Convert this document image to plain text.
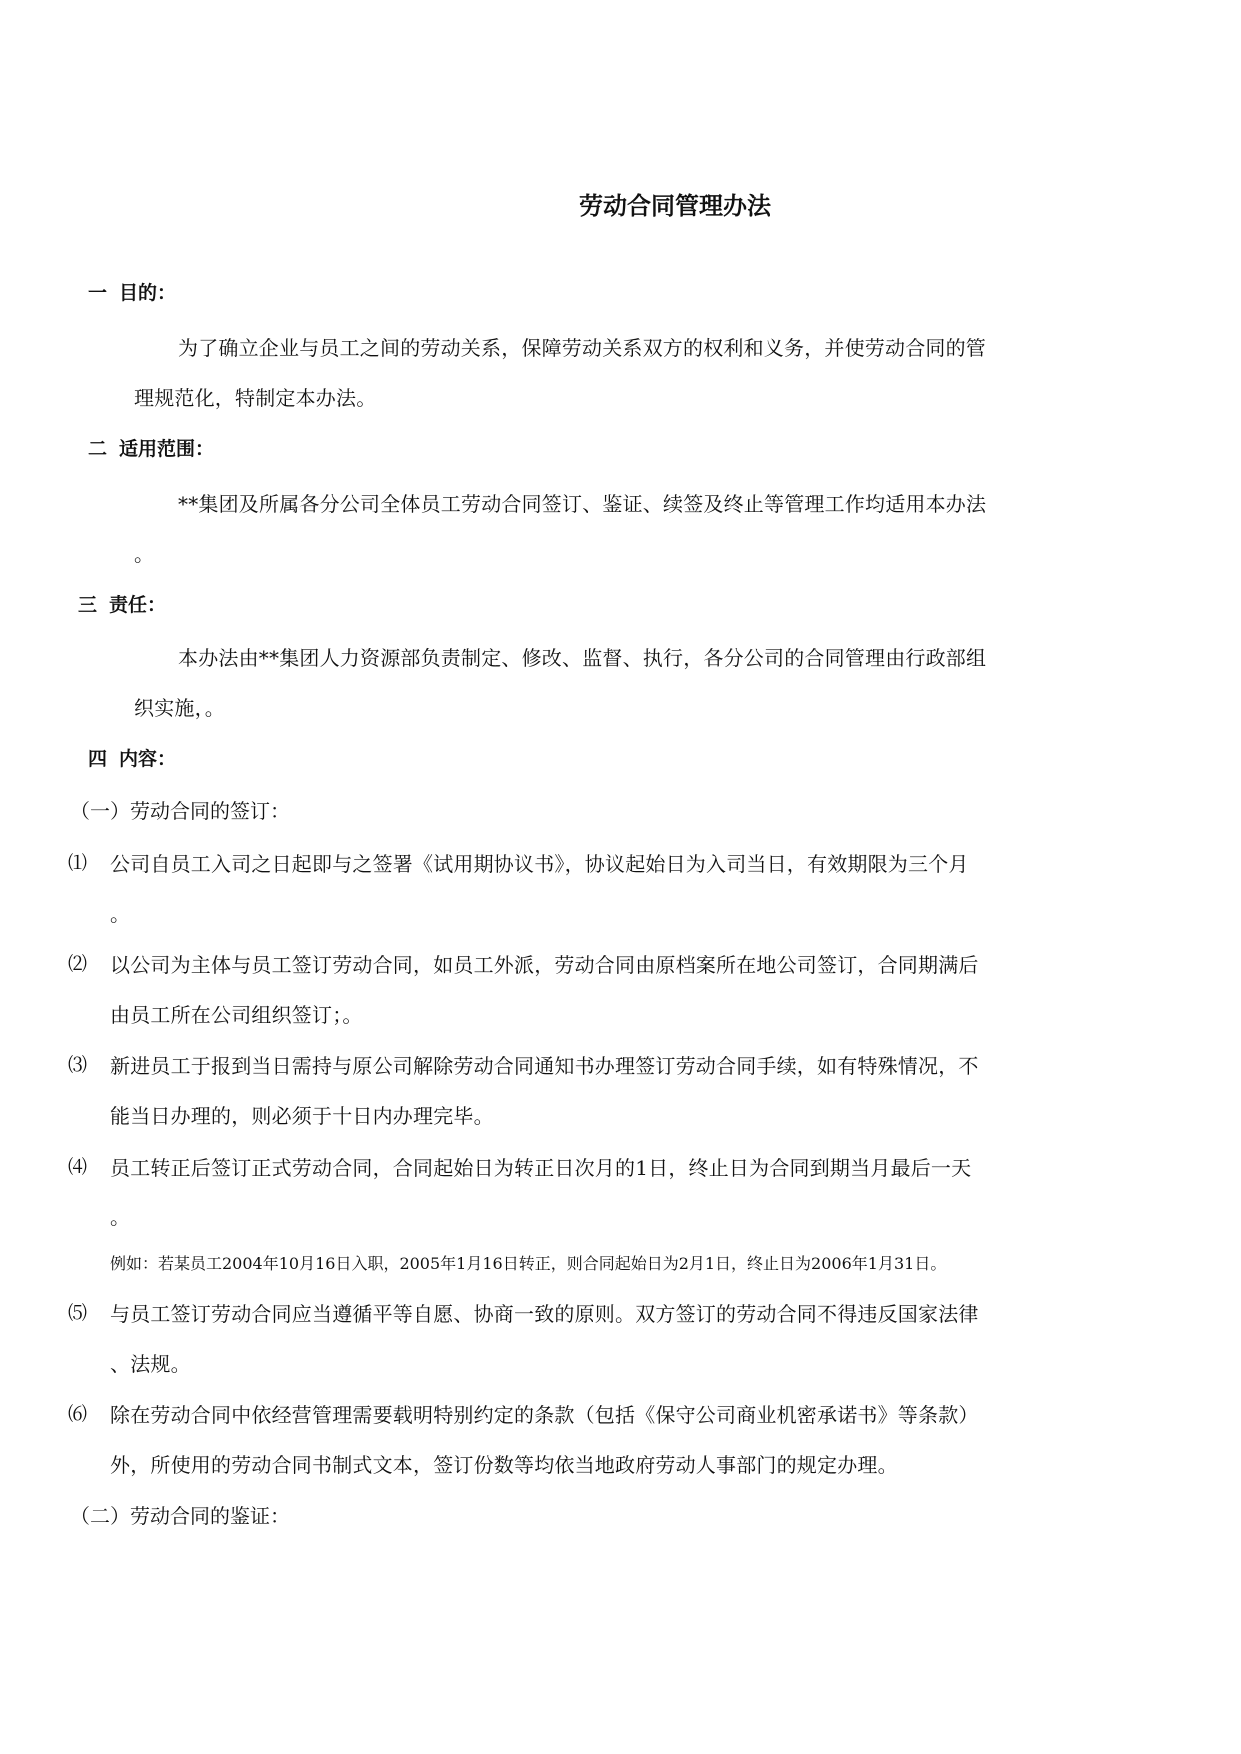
劳动合同管理办法
一 目的：
为了确立企业与员工之间的劳动关系，保障劳动关系双方的权利和义务，并使劳动合同的管
理规范化，特制定本办法。
二 适用范围：
**集团及所属各分公司全体员工劳动合同签订、鉴证、续签及终止等管理工作均适用本办法
。
三 责任：
本办法由**集团人力资源部负责制定、修改、监督、执行，各分公司的合同管理由行政部组
织实施，。
四 内容：
（一）劳动合同的签订：
⑴ 公司自员工入司之日起即与之签署《试用期协议书》，协议起始日为入司当日，有效期限为三个月
。
⑵ 以公司为主体与员工签订劳动合同，如员工外派，劳动合同由原档案所在地公司签订，合同期满后
由员工所在公司组织签订；。
⑶ 新进员工于报到当日需持与原公司解除劳动合同通知书办理签订劳动合同手续，如有特殊情况，不
能当日办理的，则必须于十日内办理完毕。
⑷ 员工转正后签订正式劳动合同，合同起始日为转正日次月的1日，终止日为合同到期当月最后一天
。
例如：若某员工2004年10月16日入职，2005年1月16日转正，则合同起始日为2月1日，终止日为2006年1月31日。
⑸ 与员工签订劳动合同应当遵循平等自愿、协商一致的原则。双方签订的劳动合同不得违反国家法律
、法规。
⑹ 除在劳动合同中依经营管理需要载明特别约定的条款（包括《保守公司商业机密承诺书》等条款）
外，所使用的劳动合同书制式文本，签订份数等均依当地政府劳动人事部门的规定办理。
（二）劳动合同的鉴证：
